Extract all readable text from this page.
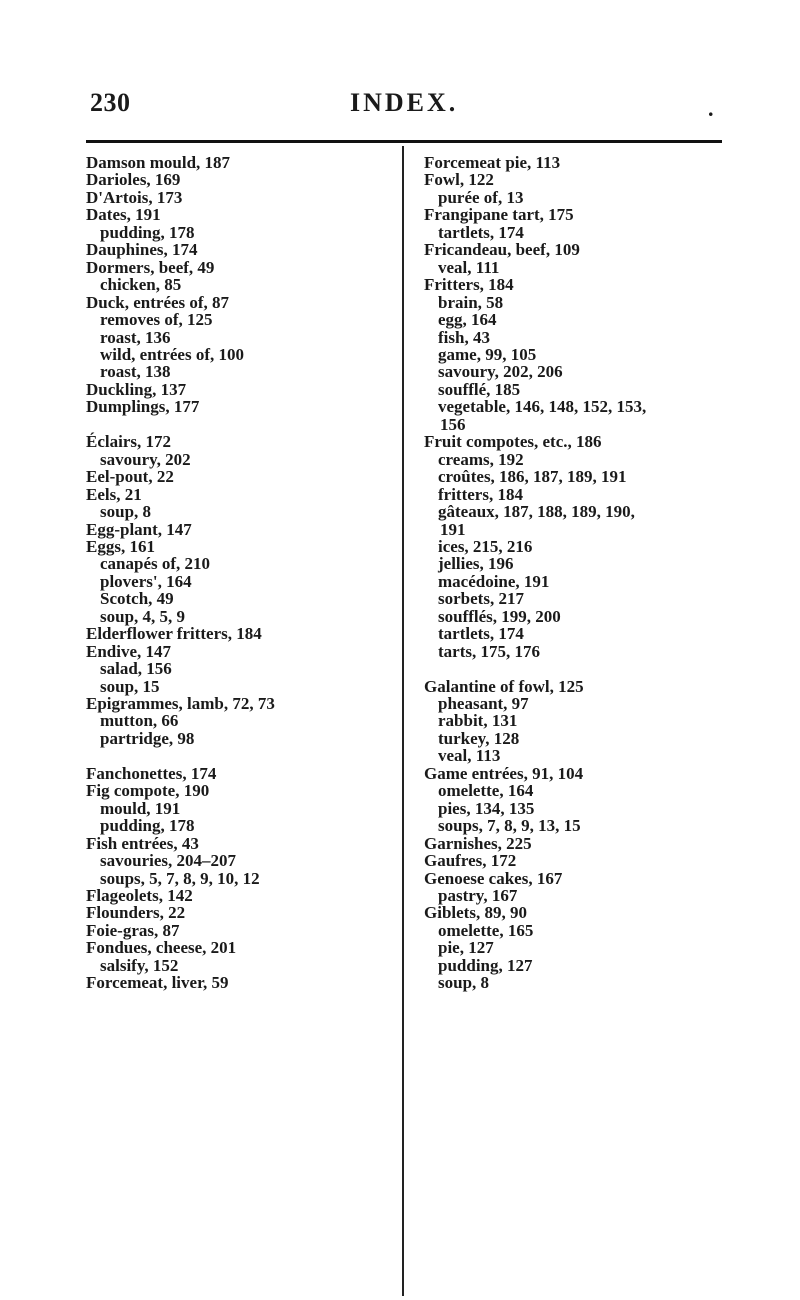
230	INDEX.	.
Damson mould, 187
Darioles, 169
D'Artois, 173
Dates, 191
pudding, 178
Dauphines, 174
Dormers, beef, 49
chicken, 85
Duck, entrées of, 87
removes of, 125
roast, 136
wild, entrées of, 100
roast, 138
Duckling, 137
Dumplings, 177
Éclairs, 172
savoury, 202
Eel-pout, 22
Eels, 21
soup, 8
Egg-plant, 147
Eggs, 161
canapés of, 210
plovers', 164
Scotch, 49
soup, 4, 5, 9
Elderflower fritters, 184
Endive, 147
salad, 156
soup, 15
Epigrammes, lamb, 72, 73
mutton, 66
partridge, 98
Fanchonettes, 174
Fig compote, 190
mould, 191
pudding, 178
Fish entrées, 43
savouries, 204–207
soups, 5, 7, 8, 9, 10, 12
Flageolets, 142
Flounders, 22
Foie-gras, 87
Fondues, cheese, 201
salsify, 152
Forcemeat, liver, 59
Forcemeat pie, 113
Fowl, 122
purée of, 13
Frangipane tart, 175
tartlets, 174
Fricandeau, beef, 109
veal, 111
Fritters, 184
brain, 58
egg, 164
fish, 43
game, 99, 105
savoury, 202, 206
soufflé, 185
vegetable, 146, 148, 152, 153,
156
Fruit compotes, etc., 186
creams, 192
croûtes, 186, 187, 189, 191
fritters, 184
gâteaux, 187, 188, 189, 190,
191
ices, 215, 216
jellies, 196
macédoine, 191
sorbets, 217
soufflés, 199, 200
tartlets, 174
tarts, 175, 176
Galantine of fowl, 125
pheasant, 97
rabbit, 131
turkey, 128
veal, 113
Game entrées, 91, 104
omelette, 164
pies, 134, 135
soups, 7, 8, 9, 13, 15
Garnishes, 225
Gaufres, 172
Genoese cakes, 167
pastry, 167
Giblets, 89, 90
omelette, 165
pie, 127
pudding, 127
soup, 8
